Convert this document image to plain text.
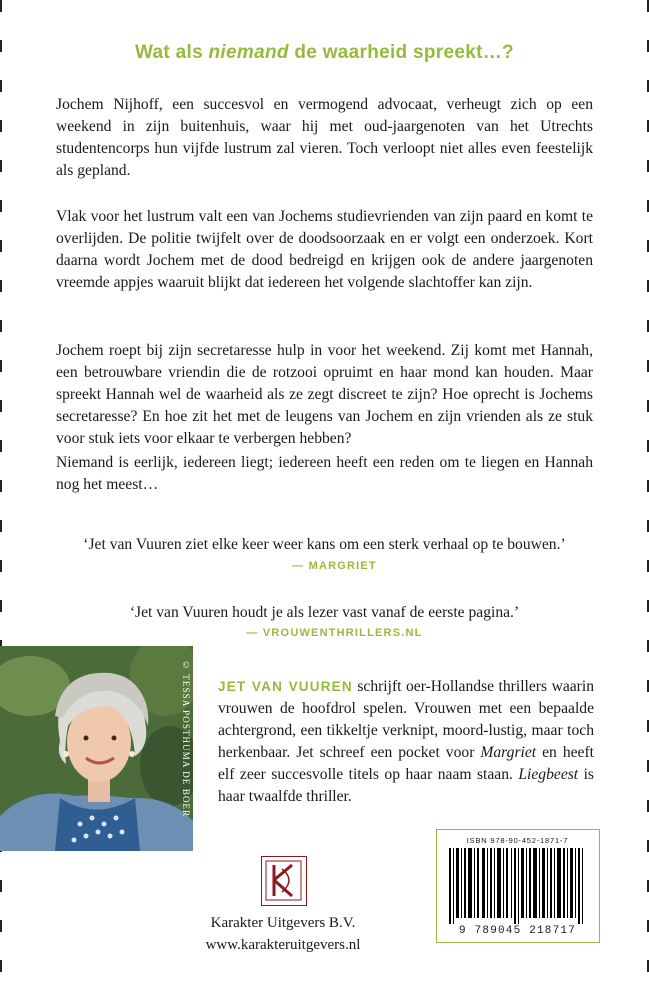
Wat als niemand de waarheid spreekt…?

Jochem Nijhoff, een succesvol en vermogend advocaat, verheugt zich op een weekend in zijn buitenhuis, waar hij met oud-jaargenoten van het Utrechts studentencorps hun vijfde lustrum zal vieren. Toch verloopt niet alles even feestelijk als gepland.

Vlak voor het lustrum valt een van Jochems studievrienden van zijn paard en komt te overlijden. De politie twijfelt over de doodsoorzaak en er volgt een onderzoek. Kort daarna wordt Jochem met de dood bedreigd en krijgen ook de andere jaargenoten vreemde appjes waaruit blijkt dat iedereen het volgende slachtoffer kan zijn.

Jochem roept bij zijn secretaresse hulp in voor het weekend. Zij komt met Hannah, een betrouwbare vriendin die de rotzooi opruimt en haar mond kan houden. Maar spreekt Hannah wel de waarheid als ze zegt discreet te zijn? Hoe oprecht is Jochems secretaresse? En hoe zit het met de leugens van Jochem en zijn vrienden als ze stuk voor stuk iets voor elkaar te verbergen hebben?

Niemand is eerlijk, iedereen liegt; iedereen heeft een reden om te liegen en Hannah nog het meest…

‘Jet van Vuuren ziet elke keer weer kans om een sterk verhaal op te bouwen.’

— MARGRIET

‘Jet van Vuuren houdt je als lezer vast vanaf de eerste pagina.’

— VROUWENTHRILLERS.NL
© TESSA POSTHUMA DE BOER JET VAN VUUREN schrijft oer-Hollandse thrillers waarin vrouwen de hoofdrol spelen. Vrouwen met een bepaalde achtergrond, een tikkeltje verknipt, moord-lustig, maar toch herkenbaar. Jet schreef een pocket voor Margriet en heeft elf zeer succesvolle titels op haar naam staan. Liegbeest is haar twaalfde thriller.

Karakter Uitgevers B.V.
www.karakteruitgevers.nl
ISBN 978-90-452-1871-7
9 789045 218717
